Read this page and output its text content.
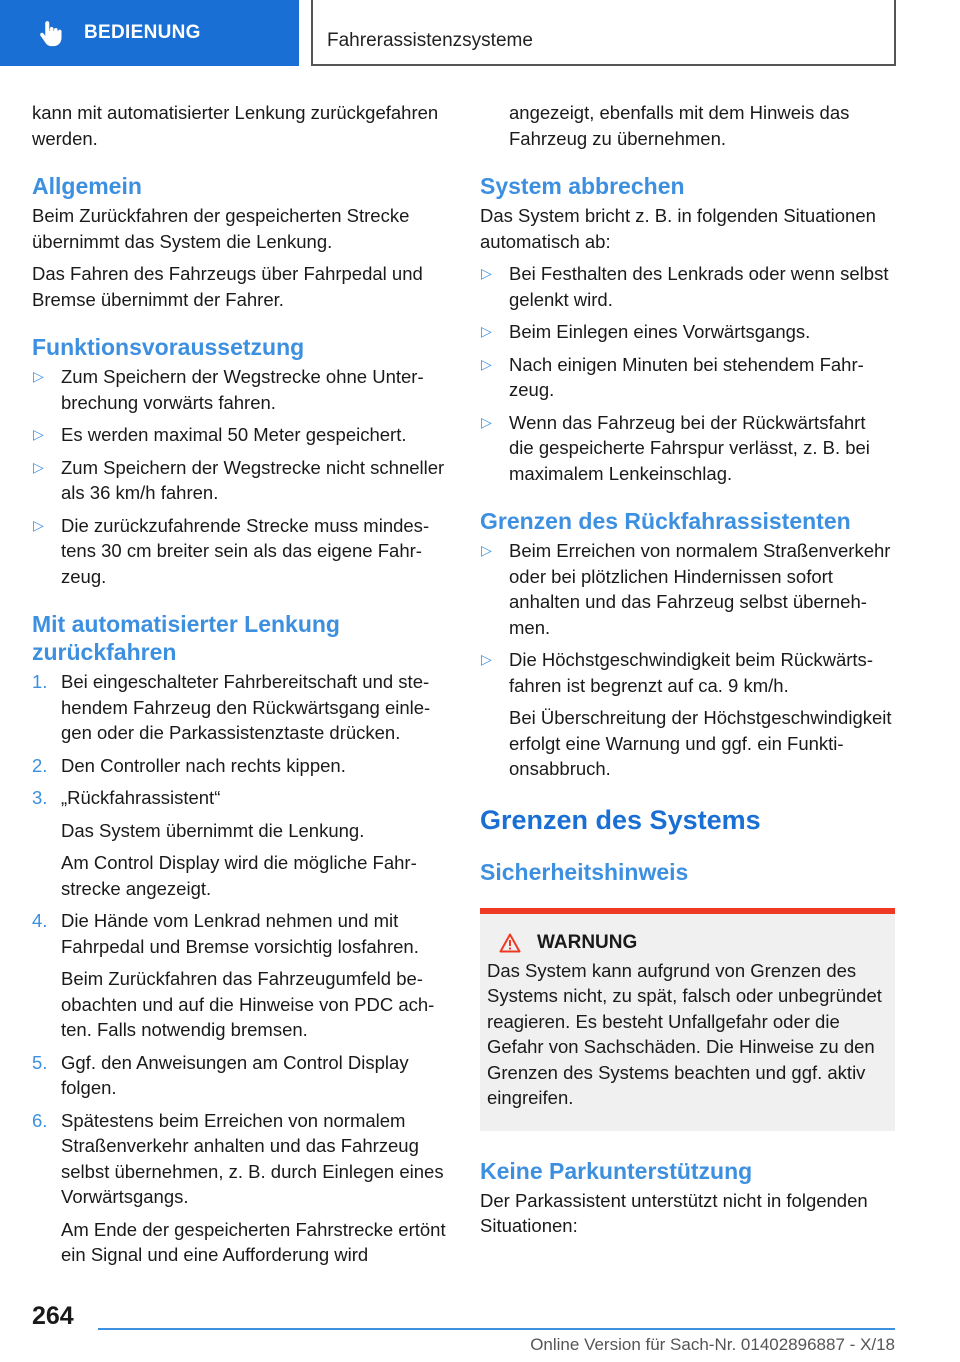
BEDIENUNG	Fahrerassistenzsysteme

kann mit automatisierter Lenkung zurückgefahren werden.

Allgemein

Beim Zurückfahren der gespeicherten Strecke übernimmt das System die Lenkung.

Das Fahren des Fahrzeugs über Fahrpedal und Bremse übernimmt der Fahrer.

Funktionsvoraussetzung
▷ Zum Speichern der Wegstrecke ohne Unterbrechung vorwärts fahren.
▷ Es werden maximal 50 Meter gespeichert.
▷ Zum Speichern der Wegstrecke nicht schneller als 36 km/h fahren.
▷ Die zurückzufahrende Strecke muss mindestens 30 cm breiter sein als das eigene Fahrzeug.
Mit automatisierter Lenkung zurückfahren
1. Bei eingeschalteter Fahrbereitschaft und stehendem Fahrzeug den Rückwärtsgang einlegen oder die Parkassistenztaste drücken.
2. Den Controller nach rechts kippen.
3. „Rückfahrassistent“
Das System übernimmt die Lenkung.
Am Control Display wird die mögliche Fahrstrecke angezeigt.
4. Die Hände vom Lenkrad nehmen und mit Fahrpedal und Bremse vorsichtig losfahren.
Beim Zurückfahren das Fahrzeugumfeld beobachten und auf die Hinweise von PDC achten. Falls notwendig bremsen.
5. Ggf. den Anweisungen am Control Display folgen.
6. Spätestens beim Erreichen von normalem Straßenverkehr anhalten und das Fahrzeug selbst übernehmen, z. B. durch Einlegen eines Vorwärtsgangs.
Am Ende der gespeicherten Fahrstrecke ertönt ein Signal und eine Aufforderung wird

angezeigt, ebenfalls mit dem Hinweis das Fahrzeug zu übernehmen.

System abbrechen

Das System bricht z. B. in folgenden Situationen automatisch ab:

▷ Bei Festhalten des Lenkrads oder wenn selbst gelenkt wird.
▷ Beim Einlegen eines Vorwärtsgangs.
▷ Nach einigen Minuten bei stehendem Fahrzeug.
▷ Wenn das Fahrzeug bei der Rückwärtsfahrt die gespeicherte Fahrspur verlässt, z. B. bei maximalem Lenkeinschlag.
Grenzen des Rückfahrassistenten
▷ Beim Erreichen von normalem Straßenverkehr oder bei plötzlichen Hindernissen sofort anhalten und das Fahrzeug selbst übernehmen.
▷ Die Höchstgeschwindigkeit beim Rückwärtsfahren ist begrenzt auf ca. 9 km/h.
Bei Überschreitung der Höchstgeschwindigkeit erfolgt eine Warnung und ggf. ein Funktionsabbruch.
Grenzen des Systems
Sicherheitshinweis
WARNUNG

Das System kann aufgrund von Grenzen des Systems nicht, zu spät, falsch oder unbegründet reagieren. Es besteht Unfallgefahr oder die Gefahr von Sachschäden. Die Hinweise zu den Grenzen des Systems beachten und ggf. aktiv eingreifen.

Keine Parkunterstützung

Der Parkassistent unterstützt nicht in folgenden Situationen:

264
Online Version für Sach-Nr. 01402896887 - X/18
